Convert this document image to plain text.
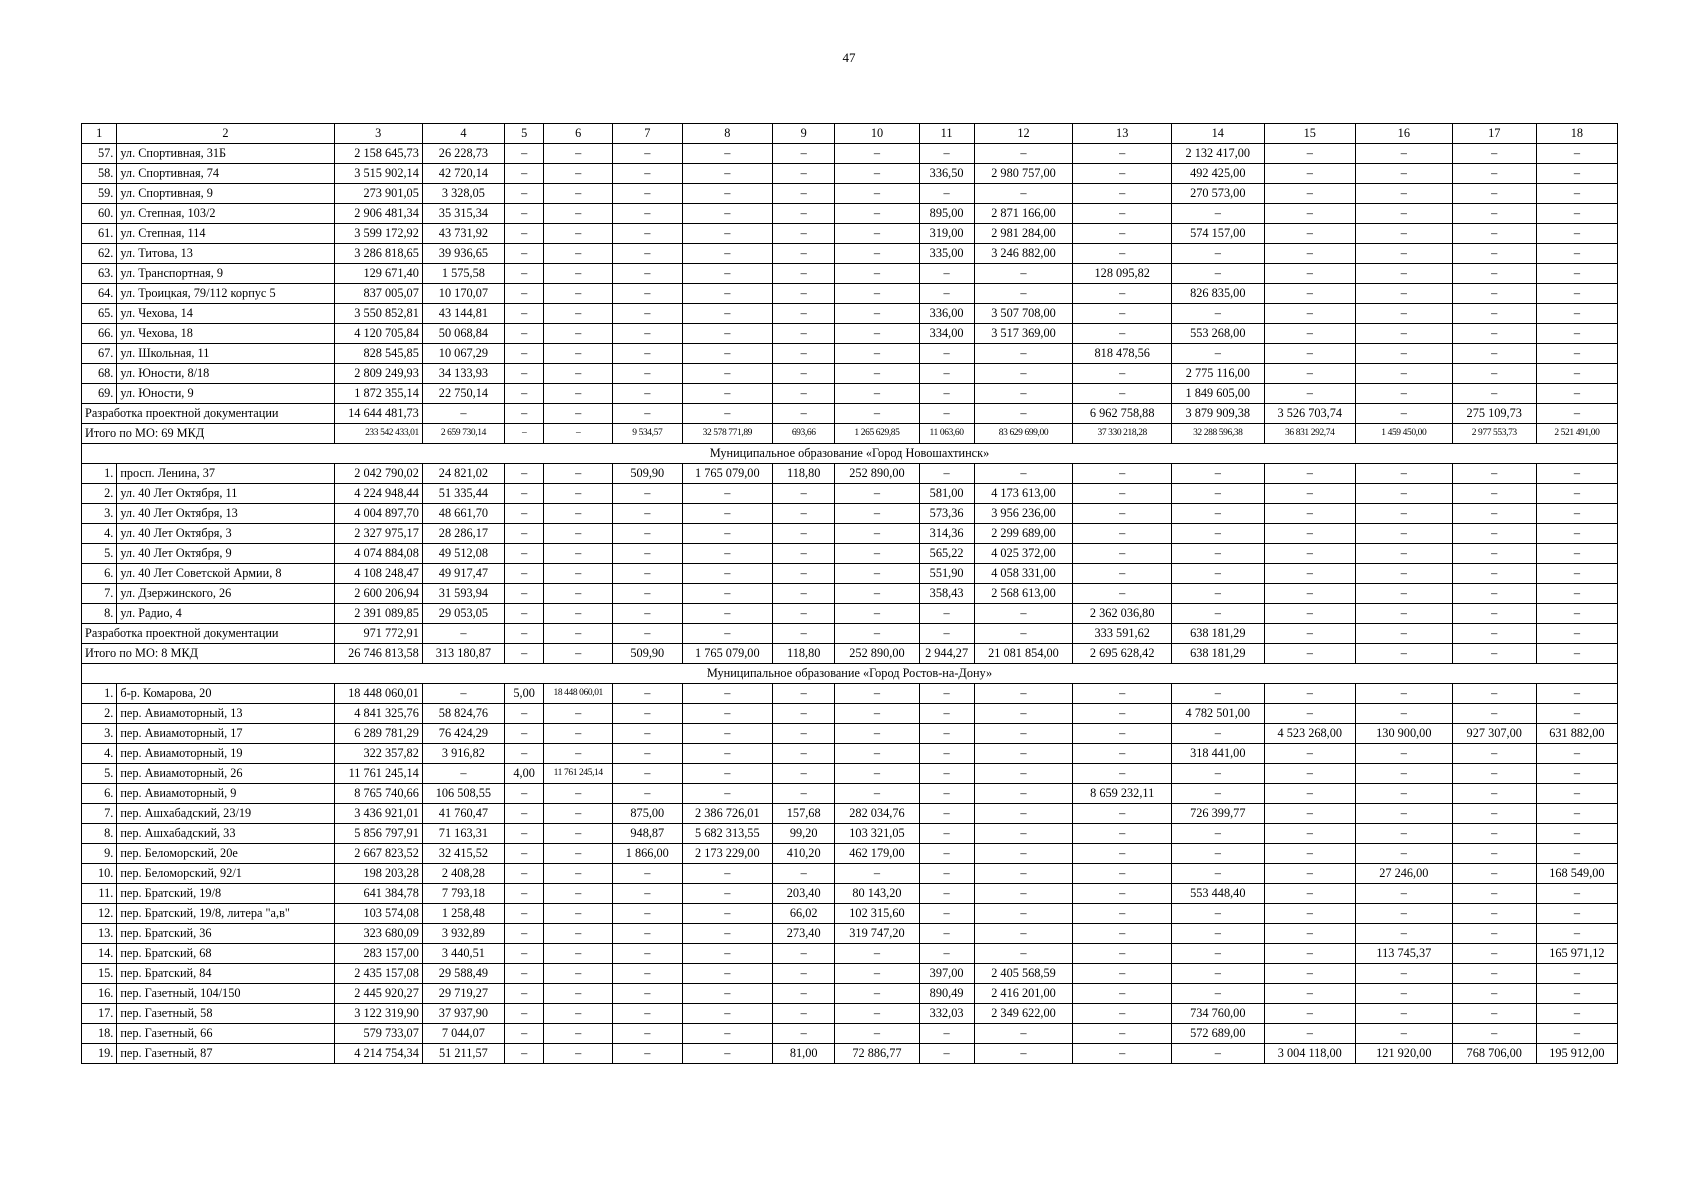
47
1	2	3	4	5	6	7	8	9	10	11	12	13	14	15	16	17	18
57.	ул. Спортивная, 31Б	2 158 645,73	26 228,73	–	–	–	–	–	–	–	–	–	2 132 417,00	–	–	–	–
58.	ул. Спортивная, 74	3 515 902,14	42 720,14	–	–	–	–	–	–	336,50	2 980 757,00	–	492 425,00	–	–	–	–
59.	ул. Спортивная, 9	273 901,05	3 328,05	–	–	–	–	–	–	–	–	–	270 573,00	–	–	–	–
60.	ул. Степная, 103/2	2 906 481,34	35 315,34	–	–	–	–	–	–	895,00	2 871 166,00	–	–	–	–	–	–
61.	ул. Степная, 114	3 599 172,92	43 731,92	–	–	–	–	–	–	319,00	2 981 284,00	–	574 157,00	–	–	–	–
62.	ул. Титова, 13	3 286 818,65	39 936,65	–	–	–	–	–	–	335,00	3 246 882,00	–	–	–	–	–	–
63.	ул. Транспортная, 9	129 671,40	1 575,58	–	–	–	–	–	–	–	–	128 095,82	–	–	–	–	–
64.	ул. Троицкая, 79/112 корпус 5	837 005,07	10 170,07	–	–	–	–	–	–	–	–	–	826 835,00	–	–	–	–
65.	ул. Чехова, 14	3 550 852,81	43 144,81	–	–	–	–	–	–	336,00	3 507 708,00	–	–	–	–	–	–
66.	ул. Чехова, 18	4 120 705,84	50 068,84	–	–	–	–	–	–	334,00	3 517 369,00	–	553 268,00	–	–	–	–
67.	ул. Школьная, 11	828 545,85	10 067,29	–	–	–	–	–	–	–	–	818 478,56	–	–	–	–	–
68.	ул. Юности, 8/18	2 809 249,93	34 133,93	–	–	–	–	–	–	–	–	–	2 775 116,00	–	–	–	–
69.	ул. Юности, 9	1 872 355,14	22 750,14	–	–	–	–	–	–	–	–	–	1 849 605,00	–	–	–	–
Разработка проектной документации		14 644 481,73	–	–	–	–	–	–	–	–	–	6 962 758,88	3 879 909,38	3 526 703,74	–	275 109,73	–
Итого по МО: 69 МКД		233 542 433,01	2 659 730,14	–	–	9 534,57	32 578 771,89	693,66	1 265 629,85	11 063,60	83 629 699,00	37 330 218,28	32 288 596,38	36 831 292,74	1 459 450,00	2 977 553,73	2 521 491,00
Муниципальное образование «Город Новошахтинск»																	
1.	просп. Ленина, 37	2 042 790,02	24 821,02	–	–	509,90	1 765 079,00	118,80	252 890,00	–	–	–	–	–	–	–	–
2.	ул. 40 Лет Октября, 11	4 224 948,44	51 335,44	–	–	–	–	–	–	581,00	4 173 613,00	–	–	–	–	–	–
3.	ул. 40 Лет Октября, 13	4 004 897,70	48 661,70	–	–	–	–	–	–	573,36	3 956 236,00	–	–	–	–	–	–
4.	ул. 40 Лет Октября, 3	2 327 975,17	28 286,17	–	–	–	–	–	–	314,36	2 299 689,00	–	–	–	–	–	–
5.	ул. 40 Лет Октября, 9	4 074 884,08	49 512,08	–	–	–	–	–	–	565,22	4 025 372,00	–	–	–	–	–	–
6.	ул. 40 Лет Советской Армии, 8	4 108 248,47	49 917,47	–	–	–	–	–	–	551,90	4 058 331,00	–	–	–	–	–	–
7.	ул. Дзержинского, 26	2 600 206,94	31 593,94	–	–	–	–	–	–	358,43	2 568 613,00	–	–	–	–	–	–
8.	ул. Радио, 4	2 391 089,85	29 053,05	–	–	–	–	–	–	–	–	2 362 036,80	–	–	–	–	–
Разработка проектной документации		971 772,91	–	–	–	–	–	–	–	–	–	333 591,62	638 181,29	–	–	–	–
Итого по МО: 8 МКД		26 746 813,58	313 180,87	–	–	509,90	1 765 079,00	118,80	252 890,00	2 944,27	21 081 854,00	2 695 628,42	638 181,29	–	–	–	–
Муниципальное образование «Город Ростов-на-Дону»																	
1.	б-р. Комарова, 20	18 448 060,01	–	5,00	18 448 060,01	–	–	–	–	–	–	–	–	–	–	–	–
2.	пер. Авиамоторный, 13	4 841 325,76	58 824,76	–	–	–	–	–	–	–	–	–	4 782 501,00	–	–	–	–
3.	пер. Авиамоторный, 17	6 289 781,29	76 424,29	–	–	–	–	–	–	–	–	–	–	4 523 268,00	130 900,00	927 307,00	631 882,00
4.	пер. Авиамоторный, 19	322 357,82	3 916,82	–	–	–	–	–	–	–	–	–	318 441,00	–	–	–	–
5.	пер. Авиамоторный, 26	11 761 245,14	–	4,00	11 761 245,14	–	–	–	–	–	–	–	–	–	–	–	–
6.	пер. Авиамоторный, 9	8 765 740,66	106 508,55	–	–	–	–	–	–	–	–	8 659 232,11	–	–	–	–	–
7.	пер. Ашхабадский, 23/19	3 436 921,01	41 760,47	–	–	875,00	2 386 726,01	157,68	282 034,76	–	–	–	726 399,77	–	–	–	–
8.	пер. Ашхабадский, 33	5 856 797,91	71 163,31	–	–	948,87	5 682 313,55	99,20	103 321,05	–	–	–	–	–	–	–	–
9.	пер. Беломорский, 20е	2 667 823,52	32 415,52	–	–	1 866,00	2 173 229,00	410,20	462 179,00	–	–	–	–	–	–	–	–
10.	пер. Беломорский, 92/1	198 203,28	2 408,28	–	–	–	–	–	–	–	–	–	–	–	27 246,00	–	168 549,00
11.	пер. Братский, 19/8	641 384,78	7 793,18	–	–	–	–	203,40	80 143,20	–	–	–	553 448,40	–	–	–	–
12.	пер. Братский, 19/8, литера "а,в"	103 574,08	1 258,48	–	–	–	–	66,02	102 315,60	–	–	–	–	–	–	–	–
13.	пер. Братский, 36	323 680,09	3 932,89	–	–	–	–	273,40	319 747,20	–	–	–	–	–	–	–	–
14.	пер. Братский, 68	283 157,00	3 440,51	–	–	–	–	–	–	–	–	–	–	–	113 745,37	–	165 971,12
15.	пер. Братский, 84	2 435 157,08	29 588,49	–	–	–	–	–	–	397,00	2 405 568,59	–	–	–	–	–	–
16.	пер. Газетный, 104/150	2 445 920,27	29 719,27	–	–	–	–	–	–	890,49	2 416 201,00	–	–	–	–	–	–
17.	пер. Газетный, 58	3 122 319,90	37 937,90	–	–	–	–	–	–	332,03	2 349 622,00	–	734 760,00	–	–	–	–
18.	пер. Газетный, 66	579 733,07	7 044,07	–	–	–	–	–	–	–	–	–	572 689,00	–	–	–	–
19.	пер. Газетный, 87	4 214 754,34	51 211,57	–	–	–	–	81,00	72 886,77	–	–	–	–	3 004 118,00	121 920,00	768 706,00	195 912,00
